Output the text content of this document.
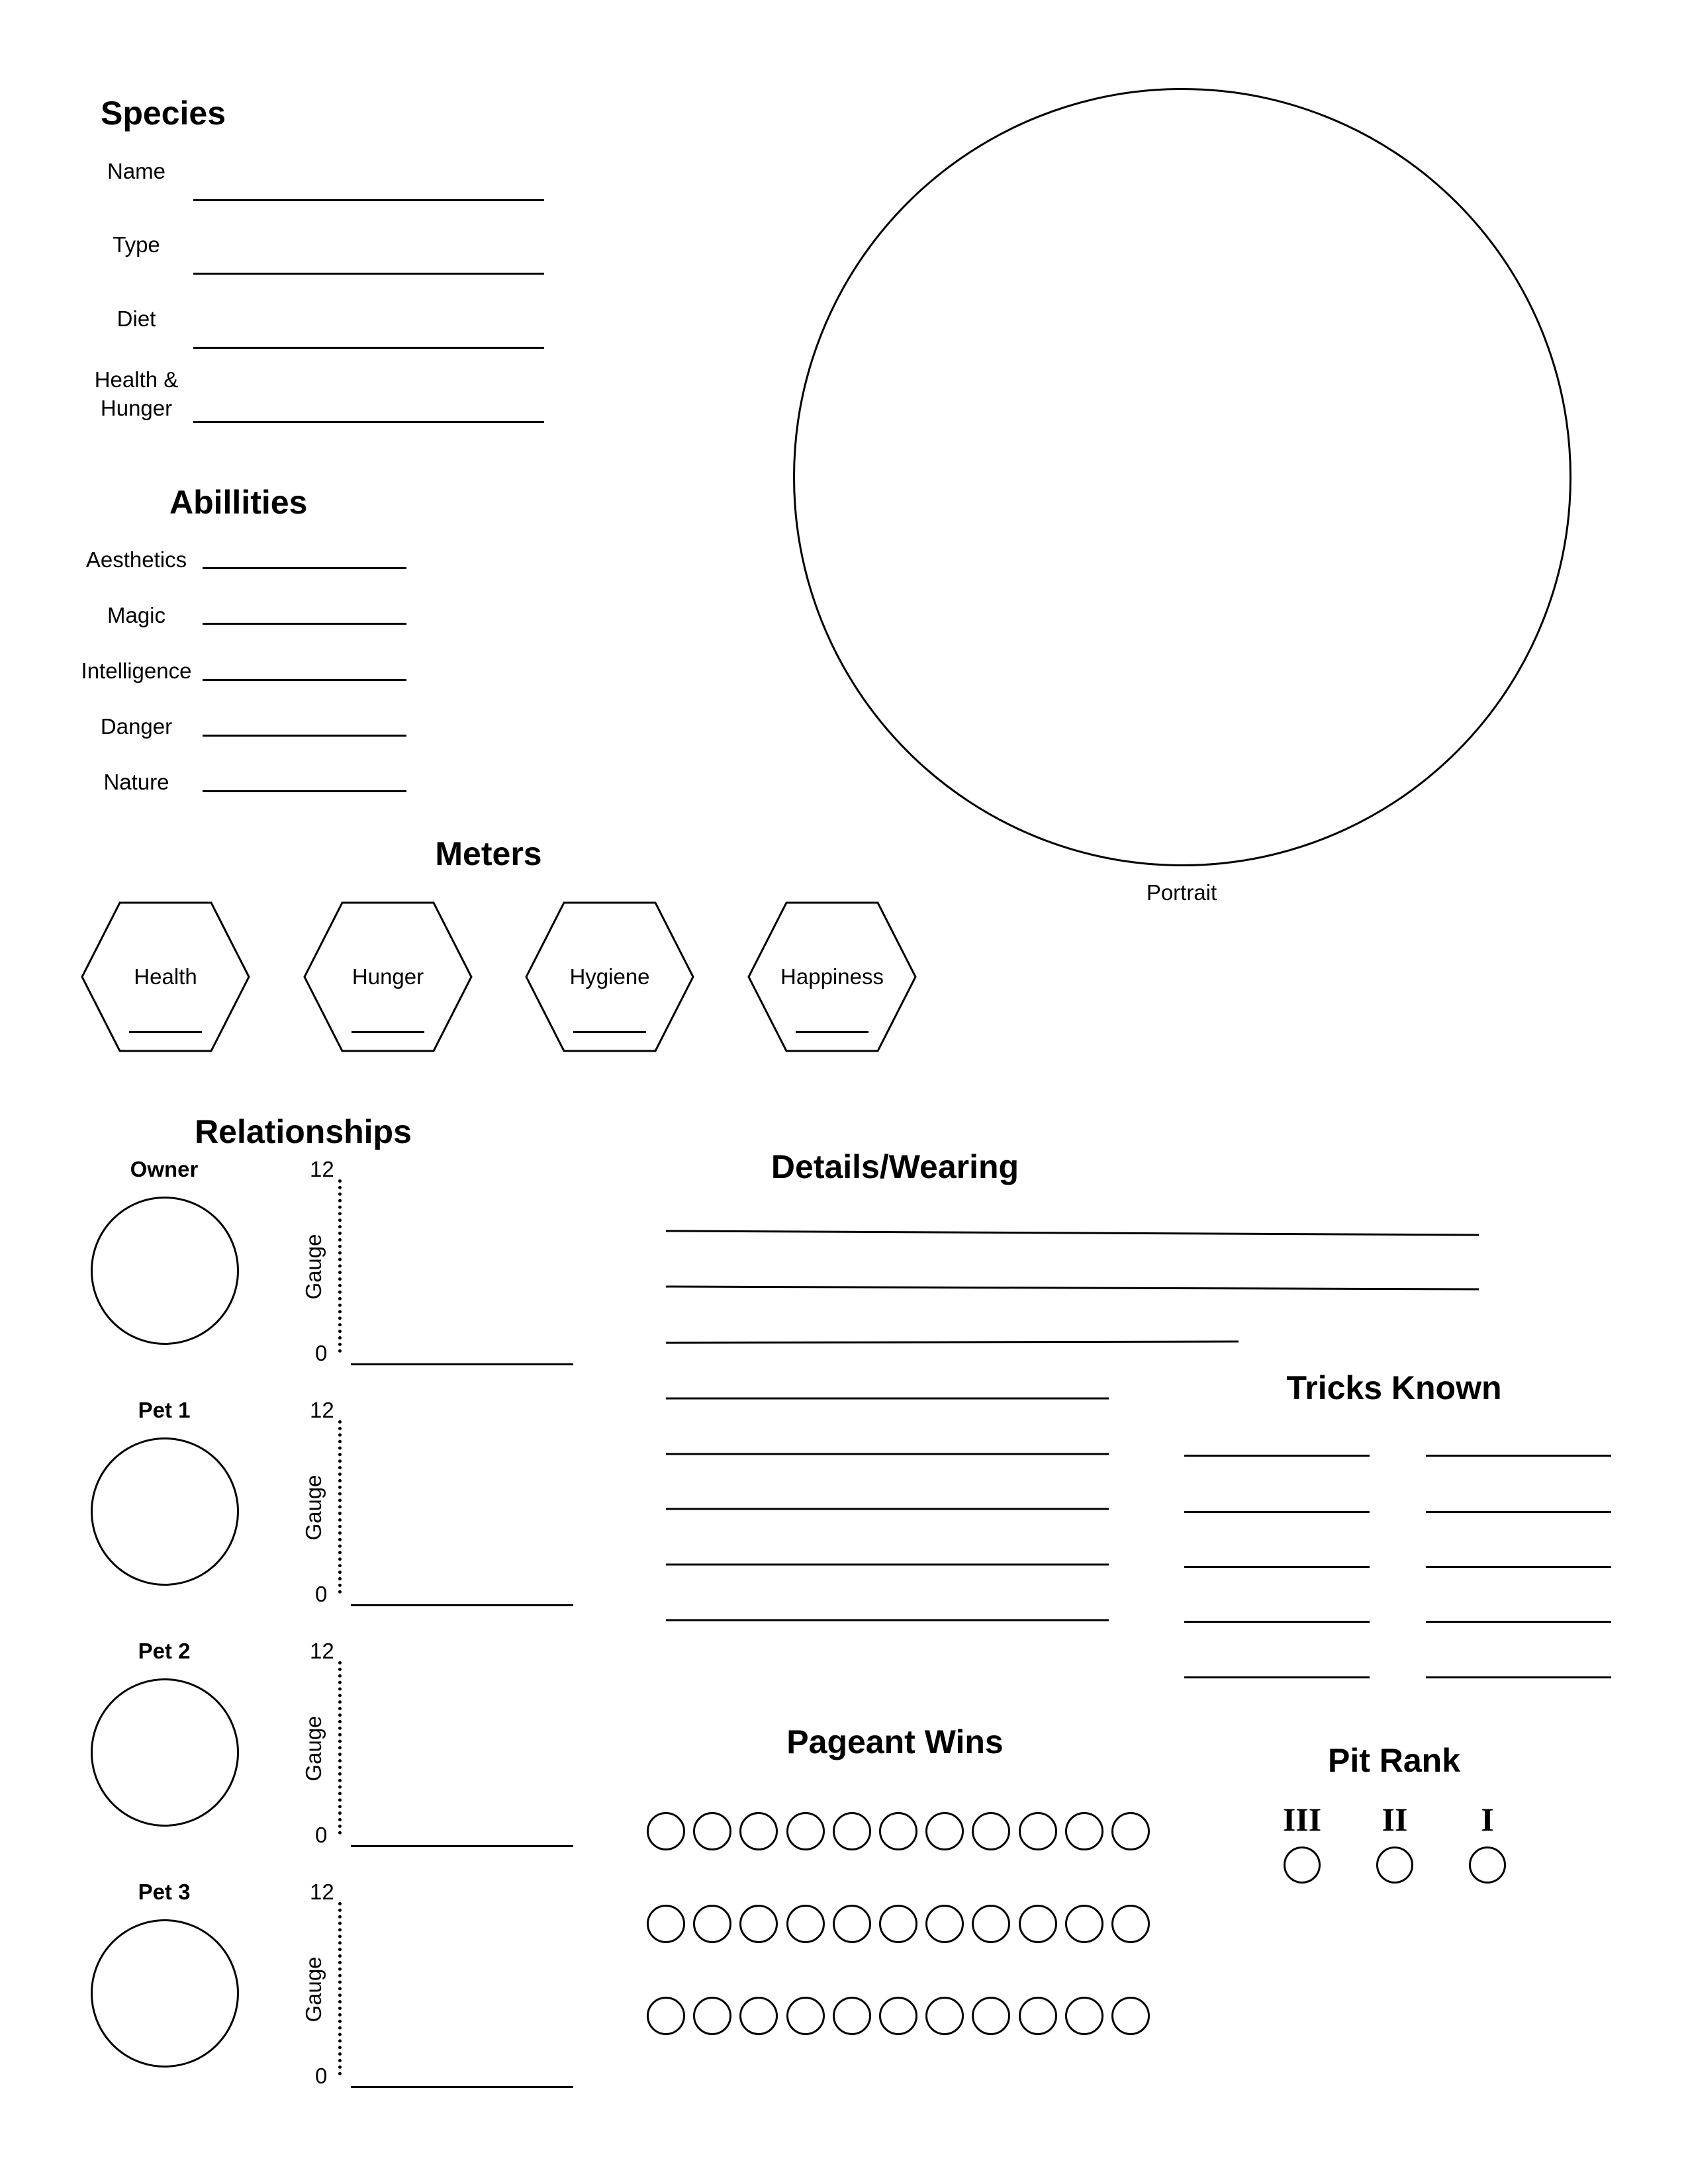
Species
Name
Type
Diet
Health &
Hunger
Abillities
Aesthetics
Magic
Intelligence
Danger
Nature
Portrait
Meters
Health	Hunger	Hygiene	Happiness
Relationships
Owner	12
0
Gauge
Pet 1	12
0
Gauge
Pet 2	12
0
Gauge
Pet 3	12
0
Gauge
Details/Wearing
Tricks Known
Pageant Wins	Pit Rank
III II I
